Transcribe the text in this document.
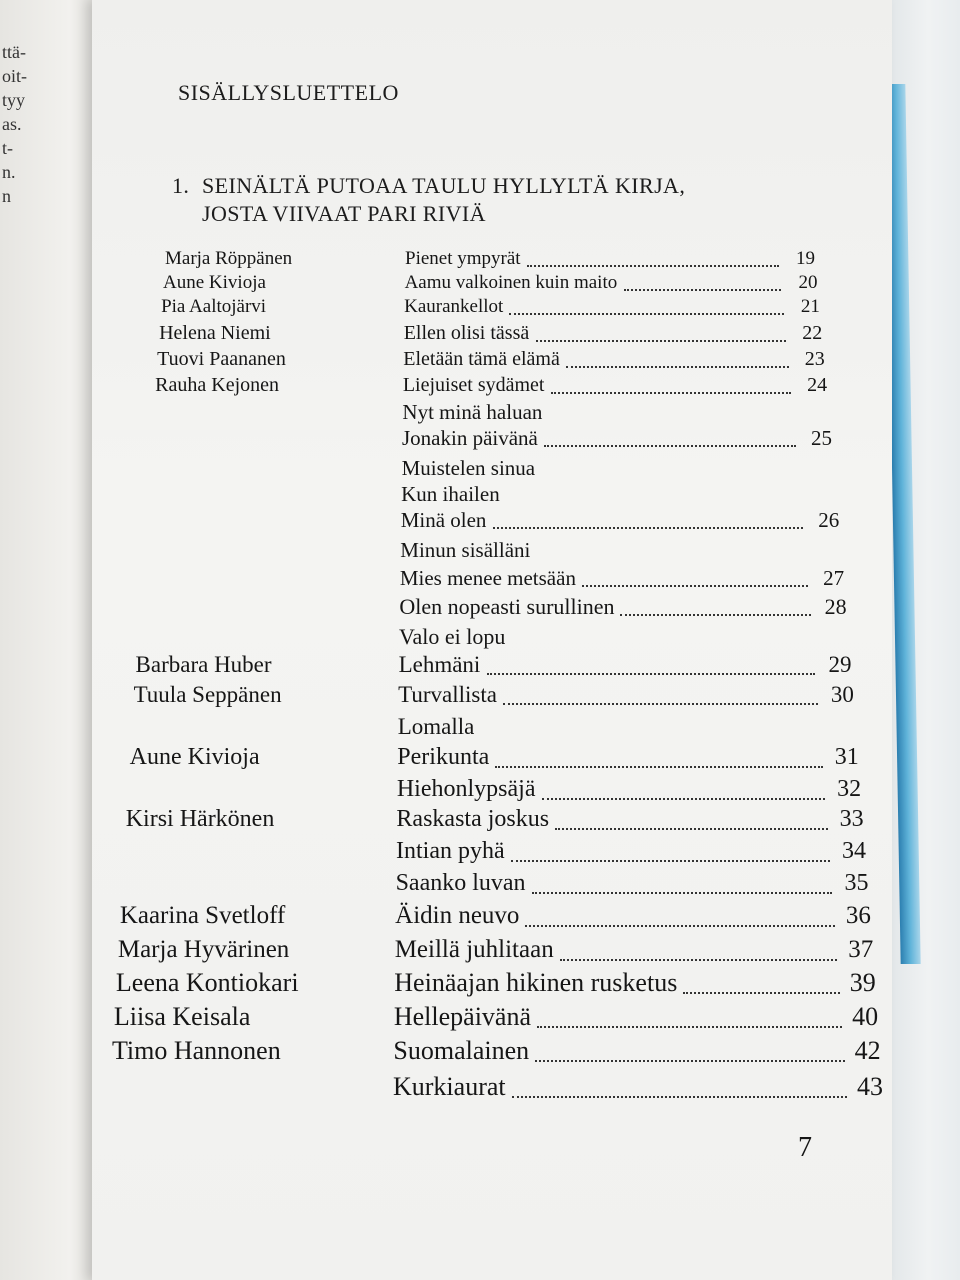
ttä-
oit-
tyy
as.
t-
n.
n
SISÄLLYSLUETTELO
1. SEINÄLTÄ PUTOAA TAULU HYLLYLTÄ KIRJA,
JOSTA VIIVAAT PARI RIVIÄ
Marja Röppänen	Pienet ympyrät	19
Aune Kivioja	Aamu valkoinen kuin maito	20
Pia Aaltojärvi	Kaurankellot	21
Helena Niemi	Ellen olisi tässä	22
Tuovi Paananen	Eletään tämä elämä	23
Rauha Kejonen	Liejuiset sydämet	24
Nyt minä haluan
Jonakin päivänä	25
Muistelen sinua
Kun ihailen
Minä olen	26
Minun sisälläni
Mies menee metsään	27
Olen nopeasti surullinen	28
Valo ei lopu
Barbara Huber	Lehmäni	29
Tuula Seppänen	Turvallista	30
Lomalla
Aune Kivioja	Perikunta	31
Hiehonlypsäjä	32
Kirsi Härkönen	Raskasta joskus	33
Intian pyhä	34
Saanko luvan	35
Kaarina Svetloff	Äidin neuvo	36
Marja Hyvärinen	Meillä juhlitaan	37
Leena Kontiokari	Heinäajan hikinen rusketus	39
Liisa Keisala	Hellepäivänä	40
Timo Hannonen	Suomalainen	42
Kurkiaurat	43
7
